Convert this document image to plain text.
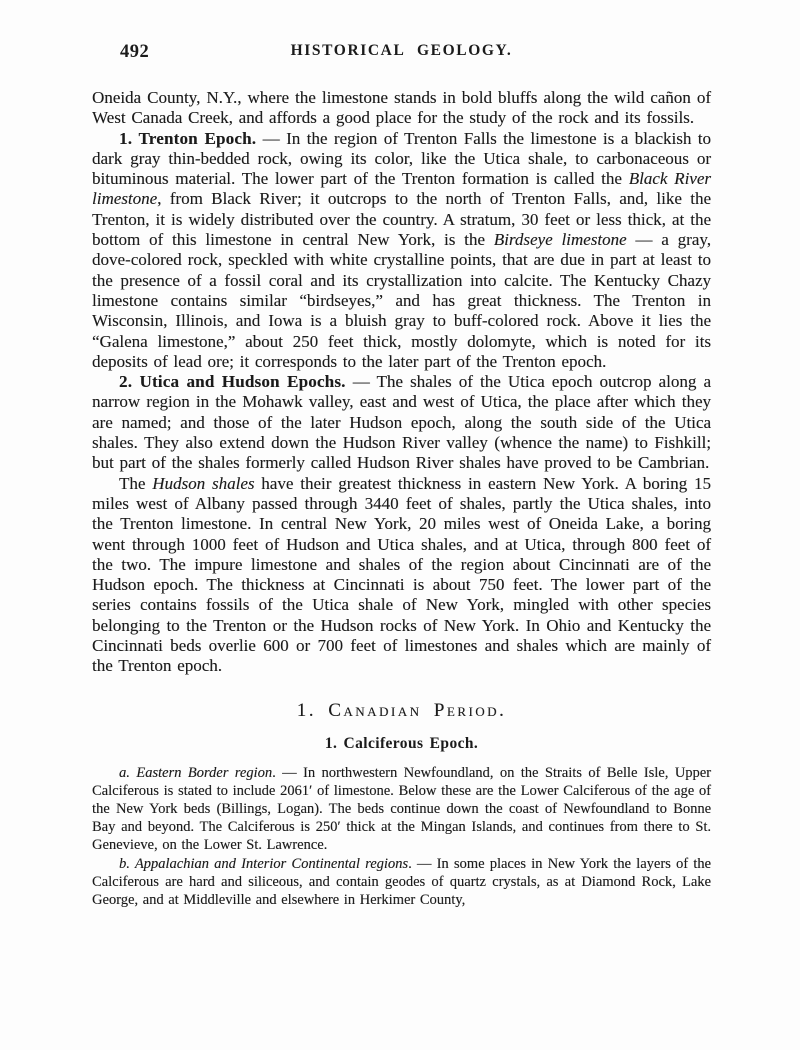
492	HISTORICAL GEOLOGY.

Oneida County, N.Y., where the limestone stands in bold bluffs along the wild cañon of West Canada Creek, and affords a good place for the study of the rock and its fossils.

1. Trenton Epoch. — In the region of Trenton Falls the limestone is a blackish to dark gray thin-bedded rock, owing its color, like the Utica shale, to carbonaceous or bituminous material. The lower part of the Trenton formation is called the Black River limestone, from Black River; it outcrops to the north of Trenton Falls, and, like the Trenton, it is widely distributed over the country. A stratum, 30 feet or less thick, at the bottom of this limestone in central New York, is the Birdseye limestone — a gray, dove-colored rock, speckled with white crystalline points, that are due in part at least to the presence of a fossil coral and its crystallization into calcite. The Kentucky Chazy limestone contains similar “birdseyes,” and has great thickness. The Trenton in Wisconsin, Illinois, and Iowa is a bluish gray to buff-colored rock. Above it lies the “Galena limestone,” about 250 feet thick, mostly dolomyte, which is noted for its deposits of lead ore; it corresponds to the later part of the Trenton epoch.

2. Utica and Hudson Epochs. — The shales of the Utica epoch outcrop along a narrow region in the Mohawk valley, east and west of Utica, the place after which they are named; and those of the later Hudson epoch, along the south side of the Utica shales. They also extend down the Hudson River valley (whence the name) to Fishkill; but part of the shales formerly called Hudson River shales have proved to be Cambrian.

The Hudson shales have their greatest thickness in eastern New York. A boring 15 miles west of Albany passed through 3440 feet of shales, partly the Utica shales, into the Trenton limestone. In central New York, 20 miles west of Oneida Lake, a boring went through 1000 feet of Hudson and Utica shales, and at Utica, through 800 feet of the two. The impure limestone and shales of the region about Cincinnati are of the Hudson epoch. The thickness at Cincinnati is about 750 feet. The lower part of the series contains fossils of the Utica shale of New York, mingled with other species belonging to the Trenton or the Hudson rocks of New York. In Ohio and Kentucky the Cincinnati beds overlie 600 or 700 feet of limestones and shales which are mainly of the Trenton epoch.

1. Canadian Period.
1. Calciferous Epoch.

a. Eastern Border region. — In northwestern Newfoundland, on the Straits of Belle Isle, Upper Calciferous is stated to include 2061′ of limestone. Below these are the Lower Calciferous of the age of the New York beds (Billings, Logan). The beds continue down the coast of Newfoundland to Bonne Bay and beyond. The Calciferous is 250′ thick at the Mingan Islands, and continues from there to St. Genevieve, on the Lower St. Lawrence.

b. Appalachian and Interior Continental regions. — In some places in New York the layers of the Calciferous are hard and siliceous, and contain geodes of quartz crystals, as at Diamond Rock, Lake George, and at Middleville and elsewhere in Herkimer County,
